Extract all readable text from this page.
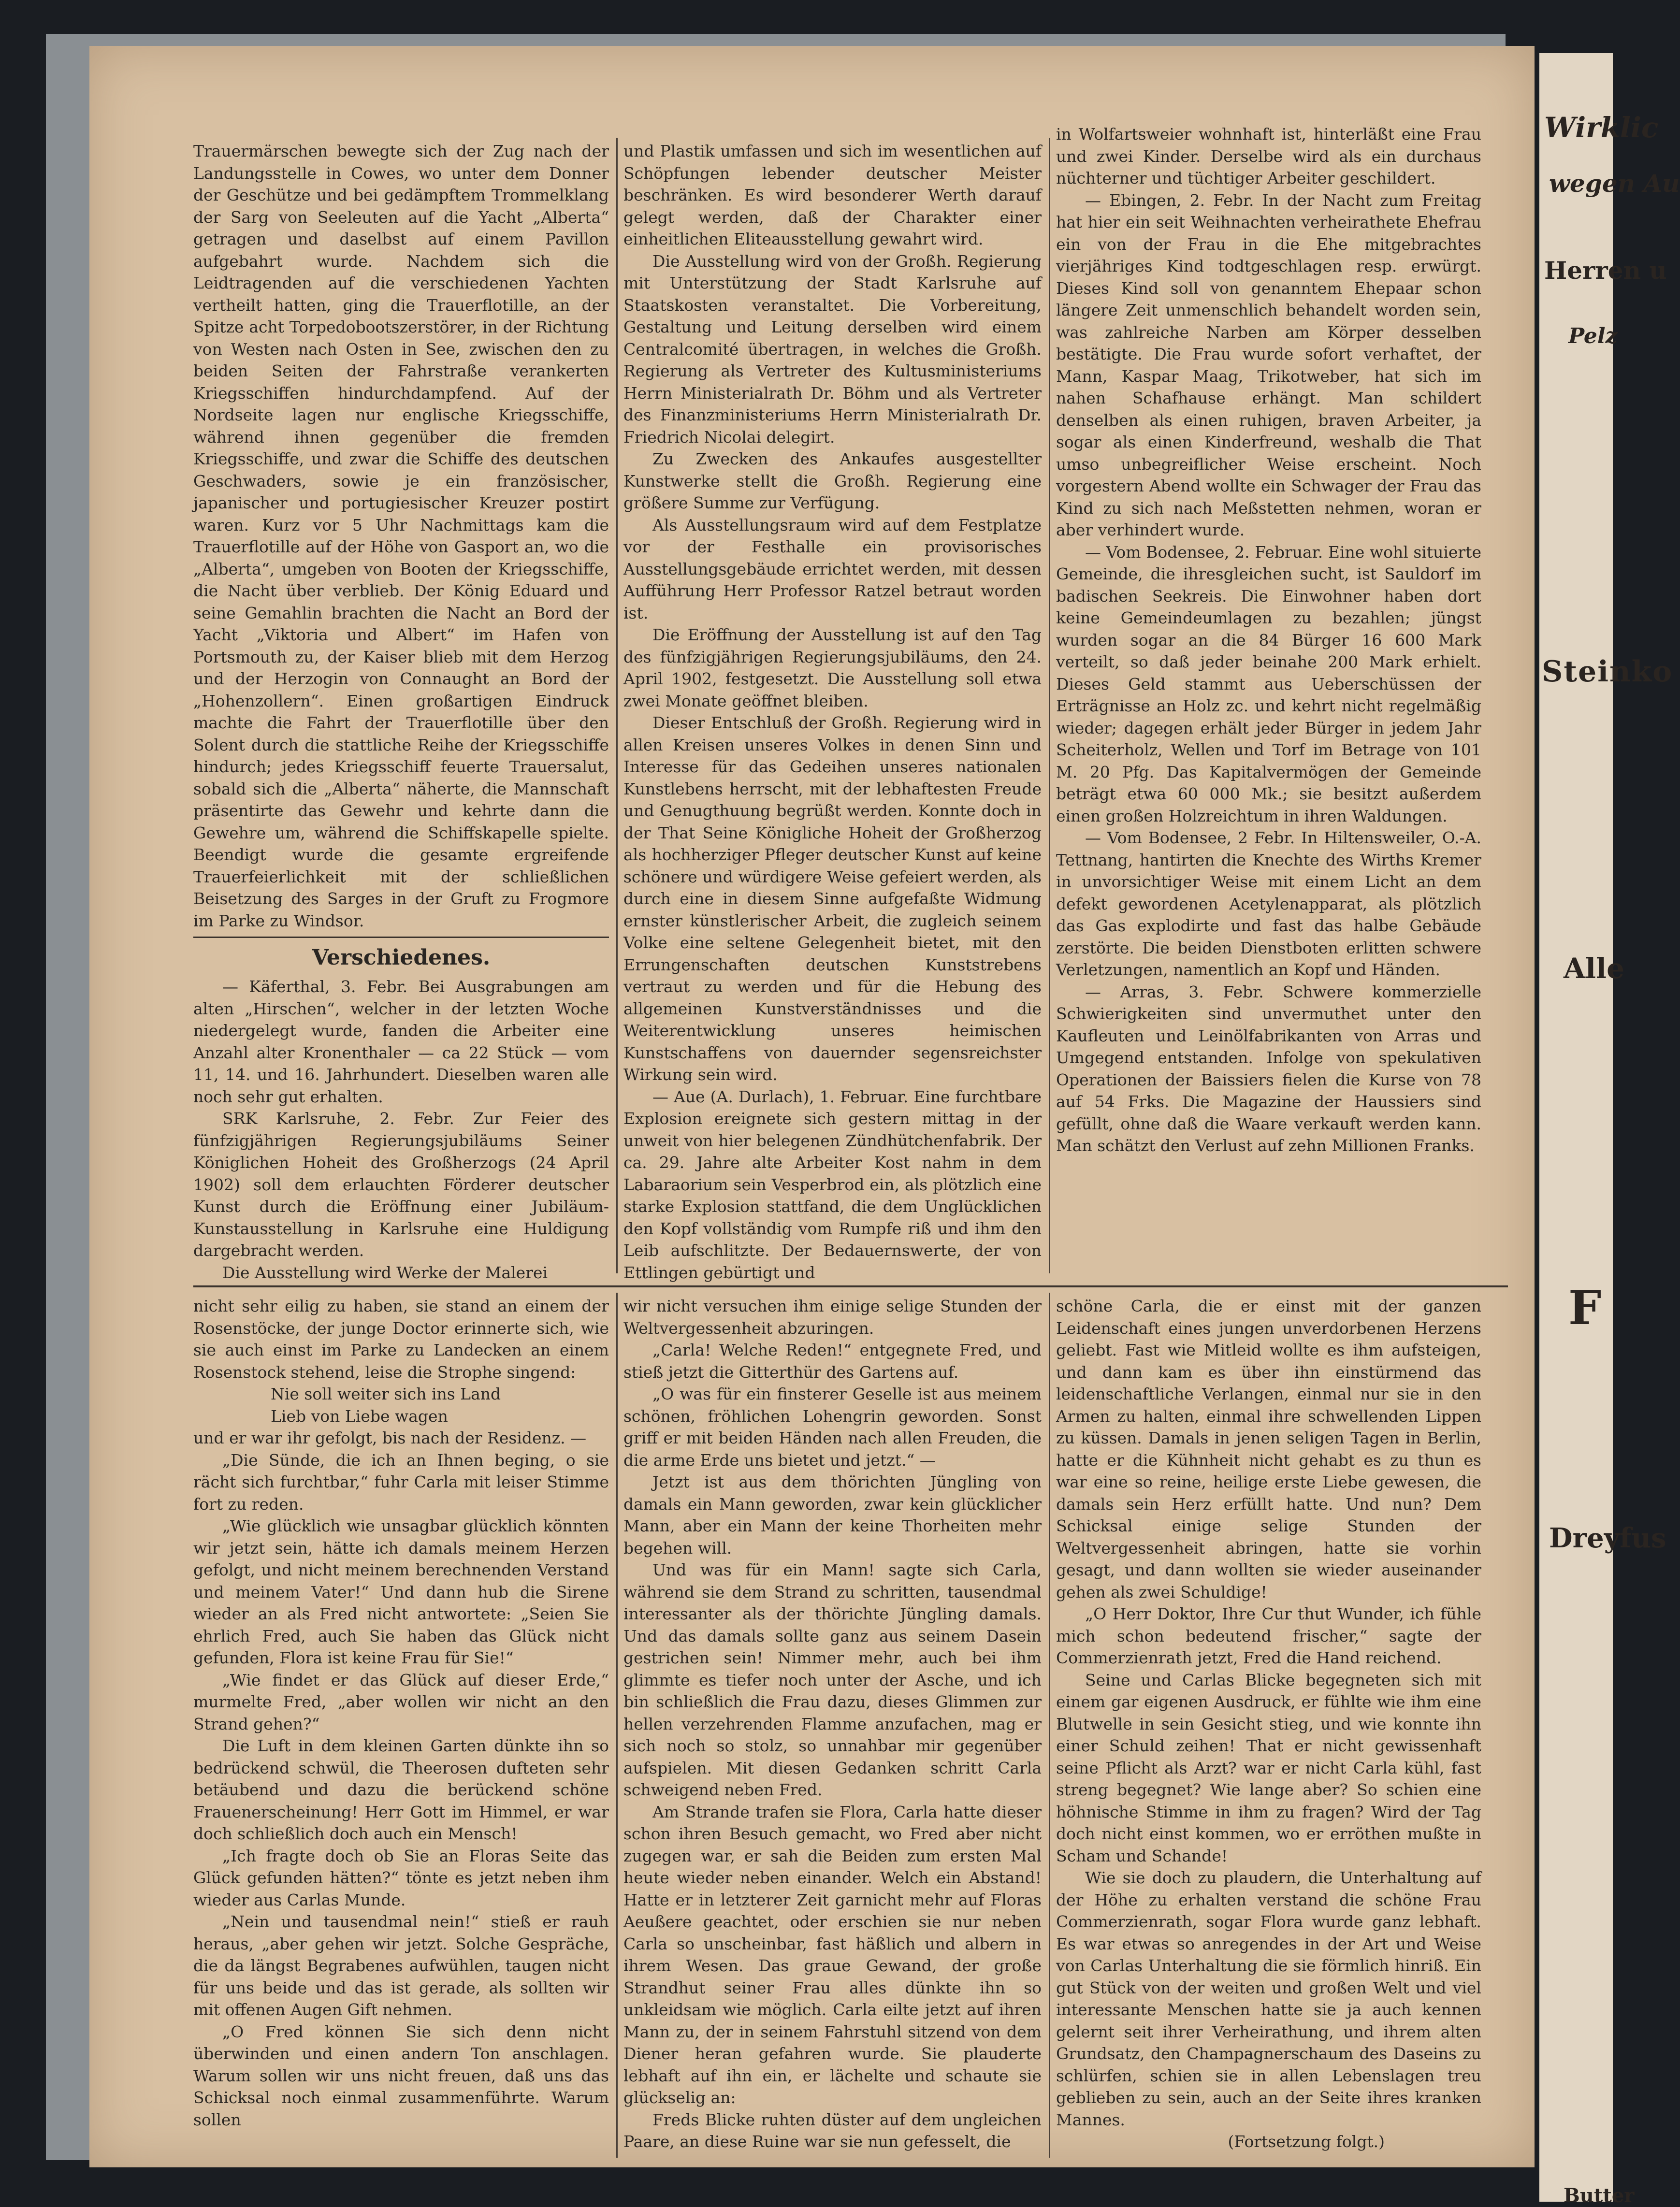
Trauermärschen bewegte sich der Zug nach der Landungsstelle in Cowes, wo unter dem Donner der Geschütze und bei gedämpftem Trommelklang der Sarg von Seeleuten auf die Yacht „Alberta“ getragen und daselbst auf einem Pavillon aufgebahrt wurde. Nachdem sich die Leidtragenden auf die verschiedenen Yachten vertheilt hatten, ging die Trauerflotille, an der Spitze acht Torpedobootszerstörer, in der Richtung von Westen nach Osten in See, zwischen den zu beiden Seiten der Fahrstraße verankerten Kriegsschiffen hindurchdampfend. Auf der Nordseite lagen nur englische Kriegsschiffe, während ihnen gegenüber die fremden Kriegsschiffe, und zwar die Schiffe des deutschen Geschwaders, sowie je ein französischer, japanischer und portugiesischer Kreuzer postirt waren. Kurz vor 5 Uhr Nachmittags kam die Trauerflotille auf der Höhe von Gasport an, wo die „Alberta“, umgeben von Booten der Kriegsschiffe, die Nacht über verblieb. Der König Eduard und seine Gemahlin brachten die Nacht an Bord der Yacht „Viktoria und Albert“ im Hafen von Portsmouth zu, der Kaiser blieb mit dem Herzog und der Herzogin von Connaught an Bord der „Hohenzollern“. Einen großartigen Eindruck machte die Fahrt der Trauerflotille über den Solent durch die stattliche Reihe der Kriegsschiffe hindurch; jedes Kriegsschiff feuerte Trauersalut, sobald sich die „Alberta“ näherte, die Mannschaft präsentirte das Gewehr und kehrte dann die Gewehre um, während die Schiffskapelle spielte. Beendigt wurde die gesamte ergreifende Trauerfeierlichkeit mit der schließlichen Beisetzung des Sarges in der Gruft zu Frogmore im Parke zu Windsor.

Verschiedenes.

— Käferthal, 3. Febr. Bei Ausgrabungen am alten „Hirschen“, welcher in der letzten Woche niedergelegt wurde, fanden die Arbeiter eine Anzahl alter Kronenthaler — ca 22 Stück — vom 11, 14. und 16. Jahrhundert. Dieselben waren alle noch sehr gut erhalten.

SRK Karlsruhe, 2. Febr. Zur Feier des fünfzigjährigen Regierungsjubiläums Seiner Königlichen Hoheit des Großherzogs (24 April 1902) soll dem erlauchten Förderer deutscher Kunst durch die Eröffnung einer Jubiläum-Kunstausstellung in Karlsruhe eine Huldigung dargebracht werden.

Die Ausstellung wird Werke der Malerei

und Plastik umfassen und sich im wesentlichen auf Schöpfungen lebender deutscher Meister beschränken. Es wird besonderer Werth darauf gelegt werden, daß der Charakter einer einheitlichen Eliteausstellung gewahrt wird.

Die Ausstellung wird von der Großh. Regierung mit Unterstützung der Stadt Karlsruhe auf Staatskosten veranstaltet. Die Vorbereitung, Gestaltung und Leitung derselben wird einem Centralcomité übertragen, in welches die Großh. Regierung als Vertreter des Kultusministeriums Herrn Ministerialrath Dr. Böhm und als Vertreter des Finanzministeriums Herrn Ministerialrath Dr. Friedrich Nicolai delegirt.

Zu Zwecken des Ankaufes ausgestellter Kunstwerke stellt die Großh. Regierung eine größere Summe zur Verfügung.

Als Ausstellungsraum wird auf dem Festplatze vor der Festhalle ein provisorisches Ausstellungsgebäude errichtet werden, mit dessen Aufführung Herr Professor Ratzel betraut worden ist.

Die Eröffnung der Ausstellung ist auf den Tag des fünfzigjährigen Regierungsjubiläums, den 24. April 1902, festgesetzt. Die Ausstellung soll etwa zwei Monate geöffnet bleiben.

Dieser Entschluß der Großh. Regierung wird in allen Kreisen unseres Volkes in denen Sinn und Interesse für das Gedeihen unseres nationalen Kunstlebens herrscht, mit der lebhaftesten Freude und Genugthuung begrüßt werden. Konnte doch in der That Seine Königliche Hoheit der Großherzog als hochherziger Pfleger deutscher Kunst auf keine schönere und würdigere Weise gefeiert werden, als durch eine in diesem Sinne aufgefaßte Widmung ernster künstlerischer Arbeit, die zugleich seinem Volke eine seltene Gelegenheit bietet, mit den Errungenschaften deutschen Kunststrebens vertraut zu werden und für die Hebung des allgemeinen Kunstverständnisses und die Weiterentwicklung unseres heimischen Kunstschaffens von dauernder segensreichster Wirkung sein wird.

— Aue (A. Durlach), 1. Februar. Eine furchtbare Explosion ereignete sich gestern mittag in der unweit von hier belegenen Zündhütchenfabrik. Der ca. 29. Jahre alte Arbeiter Kost nahm in dem Labaraorium sein Vesperbrod ein, als plötzlich eine starke Explosion stattfand, die dem Unglücklichen den Kopf vollständig vom Rumpfe riß und ihm den Leib aufschlitzte. Der Bedauernswerte, der von Ettlingen gebürtigt und

in Wolfartsweier wohnhaft ist, hinterläßt eine Frau und zwei Kinder. Derselbe wird als ein durchaus nüchterner und tüchtiger Arbeiter geschildert.

— Ebingen, 2. Febr. In der Nacht zum Freitag hat hier ein seit Weihnachten verheirathete Ehefrau ein von der Frau in die Ehe mitgebrachtes vierjähriges Kind todtgeschlagen resp. erwürgt. Dieses Kind soll von genanntem Ehepaar schon längere Zeit unmenschlich behandelt worden sein, was zahlreiche Narben am Körper desselben bestätigte. Die Frau wurde sofort verhaftet, der Mann, Kaspar Maag, Trikotweber, hat sich im nahen Schafhause erhängt. Man schildert denselben als einen ruhigen, braven Arbeiter, ja sogar als einen Kinderfreund, weshalb die That umso unbegreiflicher Weise erscheint. Noch vorgestern Abend wollte ein Schwager der Frau das Kind zu sich nach Meßstetten nehmen, woran er aber verhindert wurde.

— Vom Bodensee, 2. Februar. Eine wohl situierte Gemeinde, die ihresgleichen sucht, ist Sauldorf im badischen Seekreis. Die Einwohner haben dort keine Gemeindeumlagen zu bezahlen; jüngst wurden sogar an die 84 Bürger 16 600 Mark verteilt, so daß jeder beinahe 200 Mark erhielt. Dieses Geld stammt aus Ueberschüssen der Erträgnisse an Holz zc. und kehrt nicht regelmäßig wieder; dagegen erhält jeder Bürger in jedem Jahr Scheiterholz, Wellen und Torf im Betrage von 101 M. 20 Pfg. Das Kapitalvermögen der Gemeinde beträgt etwa 60 000 Mk.; sie besitzt außerdem einen großen Holzreichtum in ihren Waldungen.

— Vom Bodensee, 2 Febr. In Hiltensweiler, O.-A. Tettnang, hantirten die Knechte des Wirths Kremer in unvorsichtiger Weise mit einem Licht an dem defekt gewordenen Acetylenapparat, als plötzlich das Gas explodirte und fast das halbe Gebäude zerstörte. Die beiden Dienstboten erlitten schwere Verletzungen, namentlich an Kopf und Händen.

— Arras, 3. Febr. Schwere kommerzielle Schwierigkeiten sind unvermuthet unter den Kaufleuten und Leinölfabrikanten von Arras und Umgegend entstanden. Infolge von spekulativen Operationen der Baissiers fielen die Kurse von 78 auf 54 Frks. Die Magazine der Haussiers sind gefüllt, ohne daß die Waare verkauft werden kann. Man schätzt den Verlust auf zehn Millionen Franks.

nicht sehr eilig zu haben, sie stand an einem der Rosenstöcke, der junge Doctor erinnerte sich, wie sie auch einst im Parke zu Landecken an einem Rosenstock stehend, leise die Strophe singend:

Nie soll weiter sich ins Land

Lieb von Liebe wagen

und er war ihr gefolgt, bis nach der Residenz. —

„Die Sünde, die ich an Ihnen beging, o sie rächt sich furchtbar,“ fuhr Carla mit leiser Stimme fort zu reden.

„Wie glücklich wie unsagbar glücklich könnten wir jetzt sein, hätte ich damals meinem Herzen gefolgt, und nicht meinem berechnenden Verstand und meinem Vater!“ Und dann hub die Sirene wieder an als Fred nicht antwortete: „Seien Sie ehrlich Fred, auch Sie haben das Glück nicht gefunden, Flora ist keine Frau für Sie!“

„Wie findet er das Glück auf dieser Erde,“ murmelte Fred, „aber wollen wir nicht an den Strand gehen?“

Die Luft in dem kleinen Garten dünkte ihn so bedrückend schwül, die Theerosen dufteten sehr betäubend und dazu die berückend schöne Frauenerscheinung! Herr Gott im Himmel, er war doch schließlich doch auch ein Mensch!

„Ich fragte doch ob Sie an Floras Seite das Glück gefunden hätten?“ tönte es jetzt neben ihm wieder aus Carlas Munde.

„Nein und tausendmal nein!“ stieß er rauh heraus, „aber gehen wir jetzt. Solche Gespräche, die da längst Begrabenes aufwühlen, taugen nicht für uns beide und das ist gerade, als sollten wir mit offenen Augen Gift nehmen.

„O Fred können Sie sich denn nicht überwinden und einen andern Ton anschlagen. Warum sollen wir uns nicht freuen, daß uns das Schicksal noch einmal zusammenführte. Warum sollen

wir nicht versuchen ihm einige selige Stunden der Weltvergessenheit abzuringen.

„Carla! Welche Reden!“ entgegnete Fred, und stieß jetzt die Gitterthür des Gartens auf.

„O was für ein finsterer Geselle ist aus meinem schönen, fröhlichen Lohengrin geworden. Sonst griff er mit beiden Händen nach allen Freuden, die die arme Erde uns bietet und jetzt.“ —

Jetzt ist aus dem thörichten Jüngling von damals ein Mann geworden, zwar kein glücklicher Mann, aber ein Mann der keine Thorheiten mehr begehen will.

Und was für ein Mann! sagte sich Carla, während sie dem Strand zu schritten, tausendmal interessanter als der thörichte Jüngling damals. Und das damals sollte ganz aus seinem Dasein gestrichen sein! Nimmer mehr, auch bei ihm glimmte es tiefer noch unter der Asche, und ich bin schließlich die Frau dazu, dieses Glimmen zur hellen verzehrenden Flamme anzufachen, mag er sich noch so stolz, so unnahbar mir gegenüber aufspielen. Mit diesen Gedanken schritt Carla schweigend neben Fred.

Am Strande trafen sie Flora, Carla hatte dieser schon ihren Besuch gemacht, wo Fred aber nicht zugegen war, er sah die Beiden zum ersten Mal heute wieder neben einander. Welch ein Abstand! Hatte er in letzterer Zeit garnicht mehr auf Floras Aeußere geachtet, oder erschien sie nur neben Carla so unscheinbar, fast häßlich und albern in ihrem Wesen. Das graue Gewand, der große Strandhut seiner Frau alles dünkte ihn so unkleidsam wie möglich. Carla eilte jetzt auf ihren Mann zu, der in seinem Fahrstuhl sitzend von dem Diener heran gefahren wurde. Sie plauderte lebhaft auf ihn ein, er lächelte und schaute sie glückselig an:

Freds Blicke ruhten düster auf dem ungleichen Paare, an diese Ruine war sie nun gefesselt, die

schöne Carla, die er einst mit der ganzen Leidenschaft eines jungen unverdorbenen Herzens geliebt. Fast wie Mitleid wollte es ihm aufsteigen, und dann kam es über ihn einstürmend das leidenschaftliche Verlangen, einmal nur sie in den Armen zu halten, einmal ihre schwellenden Lippen zu küssen. Damals in jenen seligen Tagen in Berlin, hatte er die Kühnheit nicht gehabt es zu thun es war eine so reine, heilige erste Liebe gewesen, die damals sein Herz erfüllt hatte. Und nun? Dem Schicksal einige selige Stunden der Weltvergessenheit abringen, hatte sie vorhin gesagt, und dann wollten sie wieder auseinander gehen als zwei Schuldige!

„O Herr Doktor, Ihre Cur thut Wunder, ich fühle mich schon bedeutend frischer,“ sagte der Commerzienrath jetzt, Fred die Hand reichend.

Seine und Carlas Blicke begegneten sich mit einem gar eigenen Ausdruck, er fühlte wie ihm eine Blutwelle in sein Gesicht stieg, und wie konnte ihn einer Schuld zeihen! That er nicht gewissenhaft seine Pflicht als Arzt? war er nicht Carla kühl, fast streng begegnet? Wie lange aber? So schien eine höhnische Stimme in ihm zu fragen? Wird der Tag doch nicht einst kommen, wo er erröthen mußte in Scham und Schande!

Wie sie doch zu plaudern, die Unterhaltung auf der Höhe zu erhalten verstand die schöne Frau Commerzienrath, sogar Flora wurde ganz lebhaft. Es war etwas so anregendes in der Art und Weise von Carlas Unterhaltung die sie förmlich hinriß. Ein gut Stück von der weiten und großen Welt und viel interessante Menschen hatte sie ja auch kennen gelernt seit ihrer Verheirathung, und ihrem alten Grundsatz, den Champagnerschaum des Daseins zu schlürfen, schien sie in allen Lebenslagen treu geblieben zu sein, auch an der Seite ihres kranken Mannes.

(Fortsetzung folgt.)

Wirklic
wegen Au
Herren u
Pelz
Steinko
Alle
F
Dreyfus
Butter
